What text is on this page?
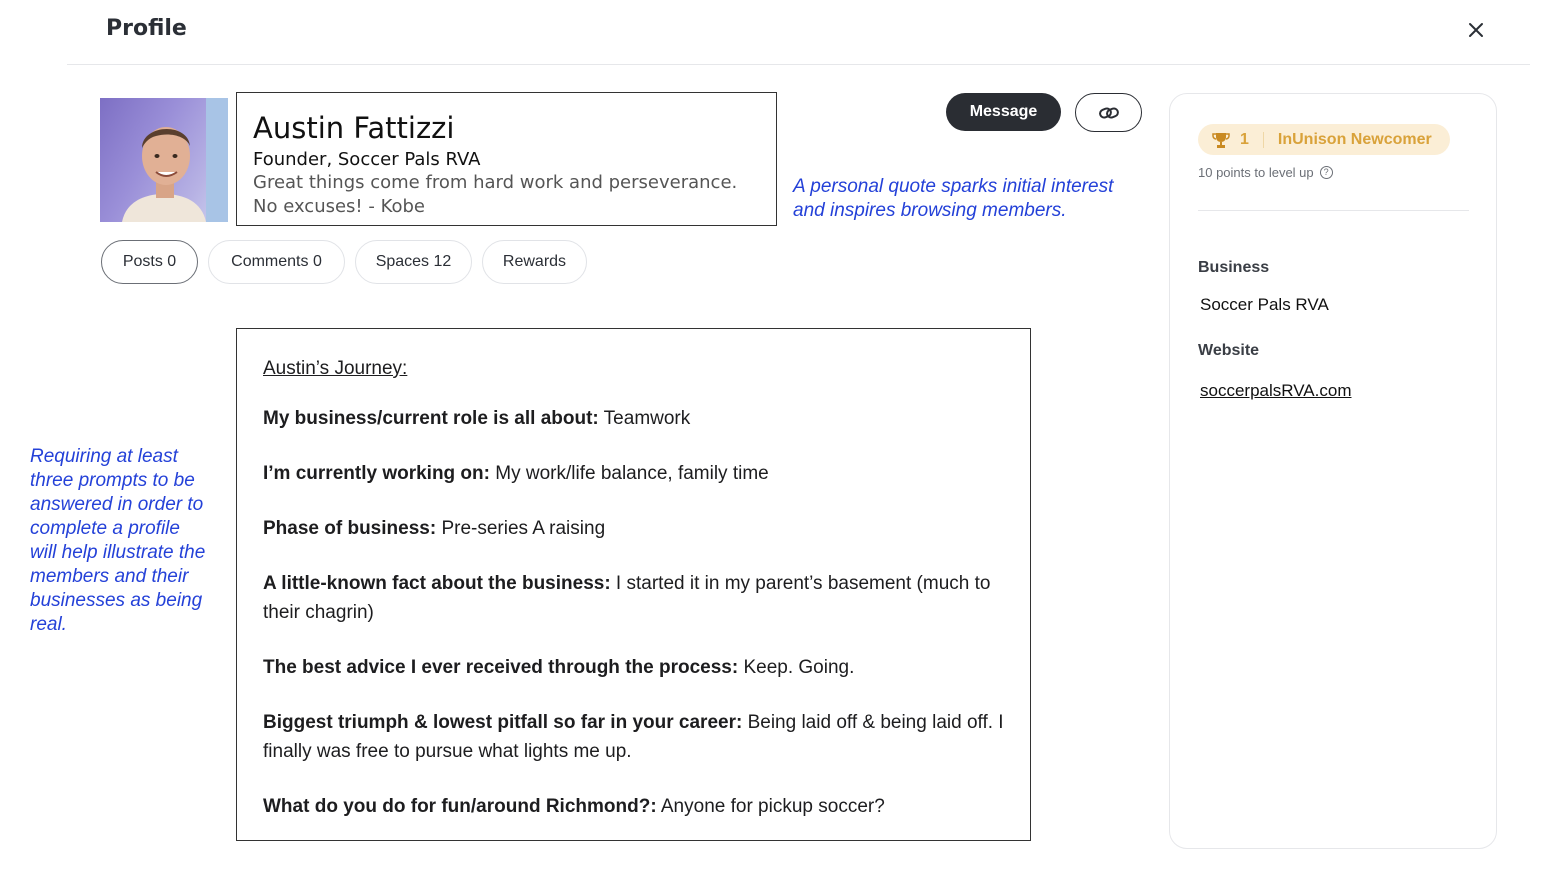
Profile
Austin Fattizzi
Founder, Soccer Pals RVA
Great things come from hard work and perseverance.
No excuses! - Kobe
Message
A personal quote sparks initial interest and inspires browsing members.
Requiring at least three prompts to be answered in order to complete a profile will help illustrate the members and their businesses as being real.
Posts 0	Comments 0	Spaces 12	Rewards
Austin’s Journey:
My business/current role is all about: Teamwork
I’m currently working on: My work/life balance, family time
Phase of business: Pre-series A raising
A little-known fact about the business: I started it in my parent’s basement (much to their chagrin)
The best advice I ever received through the process: Keep. Going.
Biggest triumph & lowest pitfall so far in your career: Being laid off & being laid off. I finally was free to pursue what lights me up.
What do you do for fun/around Richmond?: Anyone for pickup soccer?
1 InUnison Newcomer
10 points to level up	?
Business
Soccer Pals RVA
Website
soccerpalsRVA.com
